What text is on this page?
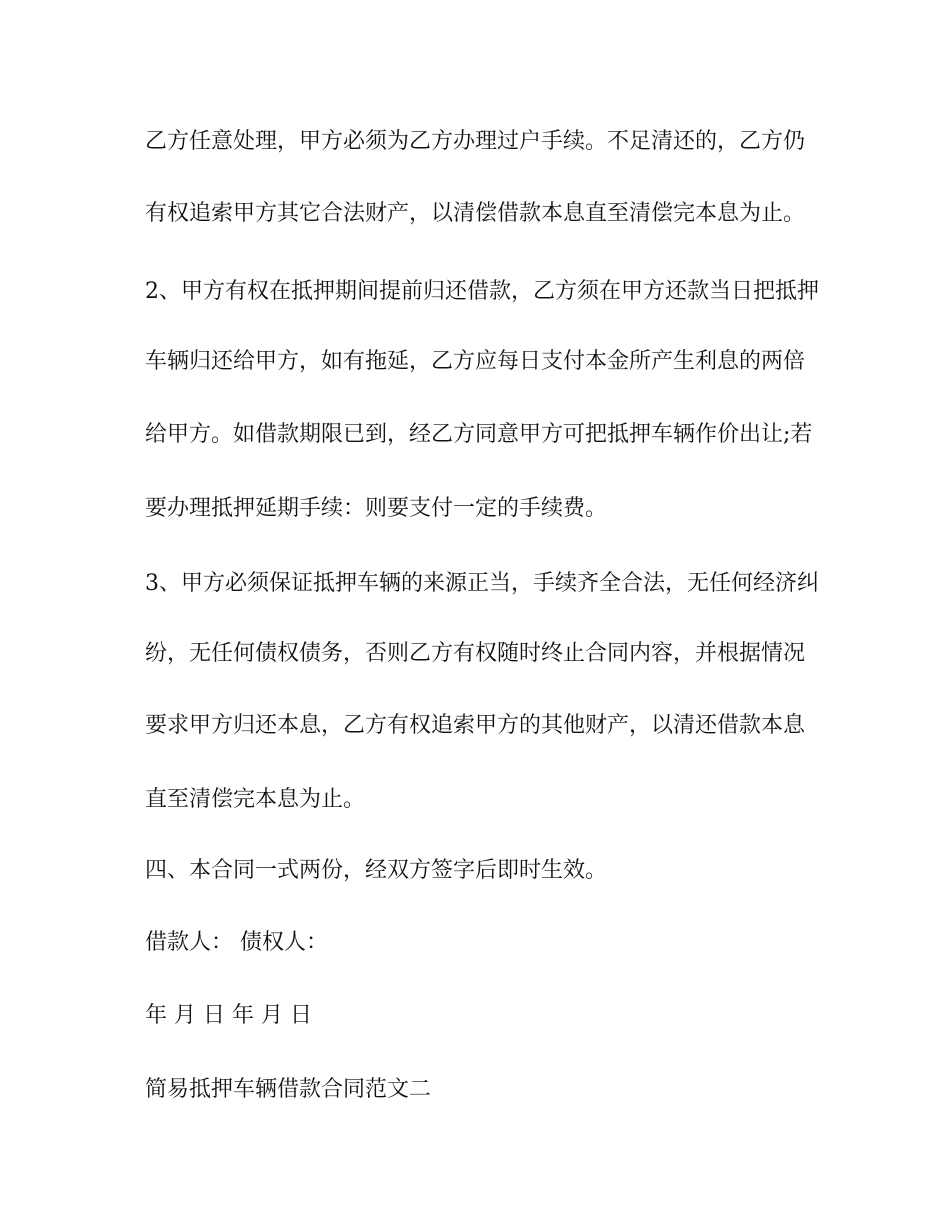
乙方任意处理，甲方必须为乙方办理过户手续。不足清还的，乙方仍
有权追索甲方其它合法财产，以清偿借款本息直至清偿完本息为止。
2、甲方有权在抵押期间提前归还借款，乙方须在甲方还款当日把抵押
车辆归还给甲方，如有拖延，乙方应每日支付本金所产生利息的两倍
给甲方。如借款期限已到，经乙方同意甲方可把抵押车辆作价出让;若
要办理抵押延期手续：则要支付一定的手续费。
3、甲方必须保证抵押车辆的来源正当，手续齐全合法，无任何经济纠
纷，无任何债权债务，否则乙方有权随时终止合同内容，并根据情况
要求甲方归还本息，乙方有权追索甲方的其他财产，以清还借款本息
直至清偿完本息为止。
四、本合同一式两份，经双方签字后即时生效。
借款人： 债权人：
年 月 日 年 月 日
简易抵押车辆借款合同范文二
